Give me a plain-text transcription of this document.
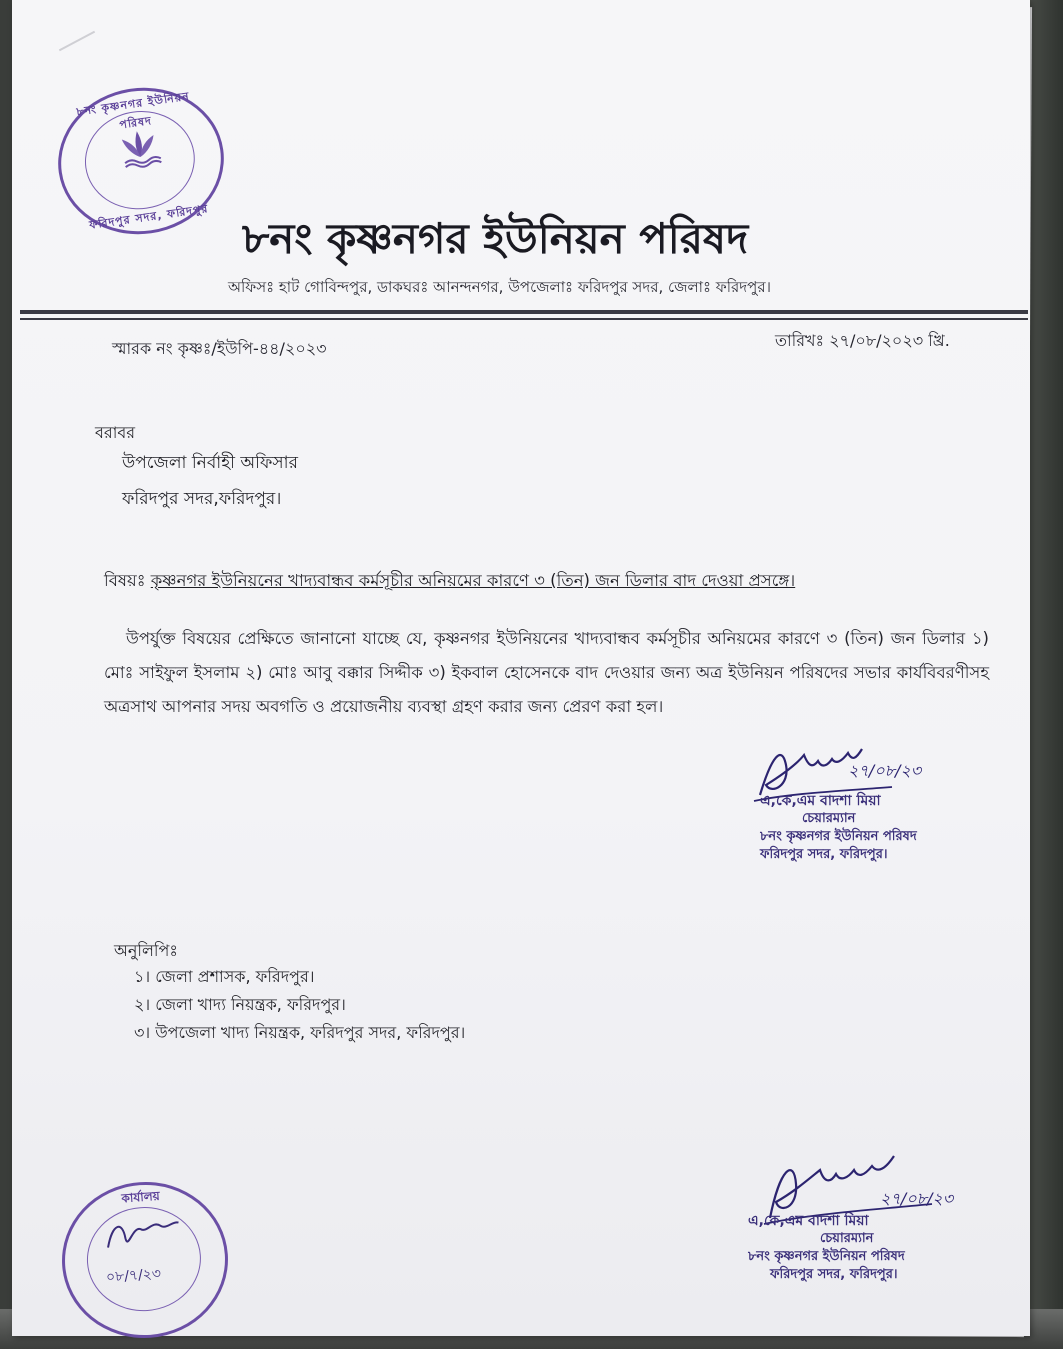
৮নং কৃষ্ণনগর ইউনিয়ন পরিষদ
ফরিদপুর সদর, ফরিদপুর ৮নং কৃষ্ণনগর ইউনিয়ন পরিষদ
অফিসঃ হাট গোবিন্দপুর, ডাকঘরঃ আনন্দনগর, উপজেলাঃ ফরিদপুর সদর, জেলাঃ ফরিদপুর।
স্মারক নং কৃষ্ণঃ/ইউপি-৪৪/২০২৩	তারিখঃ ২৭/০৮/২০২৩ খ্রি.
বরাবর
উপজেলা নির্বাহী অফিসার
ফরিদপুর সদর,ফরিদপুর।
বিষয়ঃ কৃষ্ণনগর ইউনিয়নের খাদ্যবান্ধব কর্মসূচীর অনিয়মের কারণে ৩ (তিন) জন ডিলার বাদ দেওয়া প্রসঙ্গে।
উপর্যুক্ত বিষয়ের প্রেক্ষিতে জানানো যাচ্ছে যে, কৃষ্ণনগর ইউনিয়নের খাদ্যবান্ধব কর্মসূচীর অনিয়মের কারণে ৩ (তিন) জন ডিলার ১) মোঃ সাইফুল ইসলাম ২) মোঃ আবু বক্কার সিদ্দীক ৩) ইকবাল হোসেনকে বাদ দেওয়ার জন্য অত্র ইউনিয়ন পরিষদের সভার কার্যবিবরণীসহ অত্রসাথ আপনার সদয় অবগতি ও প্রয়োজনীয় ব্যবস্থা গ্রহণ করার জন্য প্রেরণ করা হল।
২৭/০৮/২৩
এ,কে,এম বাদশা মিয়া
চেয়ারম্যান
৮নং কৃষ্ণনগর ইউনিয়ন পরিষদ
ফরিদপুর সদর, ফরিদপুর।
অনুলিপিঃ
১। জেলা প্রশাসক, ফরিদপুর।
২। জেলা খাদ্য নিয়ন্ত্রক, ফরিদপুর।
৩। উপজেলা খাদ্য নিয়ন্ত্রক, ফরিদপুর সদর, ফরিদপুর।
কার্যালয়
০৮/৭/২৩
২৭/০৮/২৩
এ,কে,এম বাদশা মিয়া
চেয়ারম্যান
৮নং কৃষ্ণনগর ইউনিয়ন পরিষদ
ফরিদপুর সদর, ফরিদপুর।
